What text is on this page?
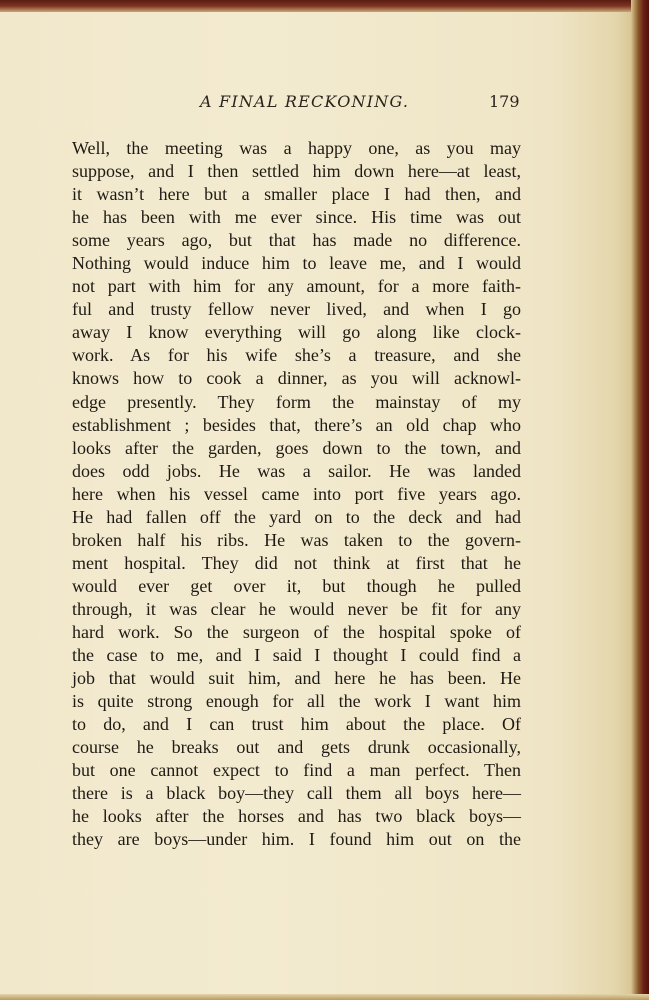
A FINAL RECKONING.	179
Well, the meeting was a happy one, as you may
suppose, and I then settled him down here—at least,
it wasn’t here but a smaller place I had then, and
he has been with me ever since. His time was out
some years ago, but that has made no difference.
Nothing would induce him to leave me, and I would
not part with him for any amount, for a more faith-
ful and trusty fellow never lived, and when I go
away I know everything will go along like clock-
work. As for his wife she’s a treasure, and she
knows how to cook a dinner, as you will acknowl-
edge presently. They form the mainstay of my
establishment ; besides that, there’s an old chap who
looks after the garden, goes down to the town, and
does odd jobs. He was a sailor. He was landed
here when his vessel came into port five years ago.
He had fallen off the yard on to the deck and had
broken half his ribs. He was taken to the govern-
ment hospital. They did not think at first that he
would ever get over it, but though he pulled
through, it was clear he would never be fit for any
hard work. So the surgeon of the hospital spoke of
the case to me, and I said I thought I could find a
job that would suit him, and here he has been. He
is quite strong enough for all the work I want him
to do, and I can trust him about the place. Of
course he breaks out and gets drunk occasionally,
but one cannot expect to find a man perfect. Then
there is a black boy—they call them all boys here—
he looks after the horses and has two black boys—
they are boys—under him. I found him out on the
